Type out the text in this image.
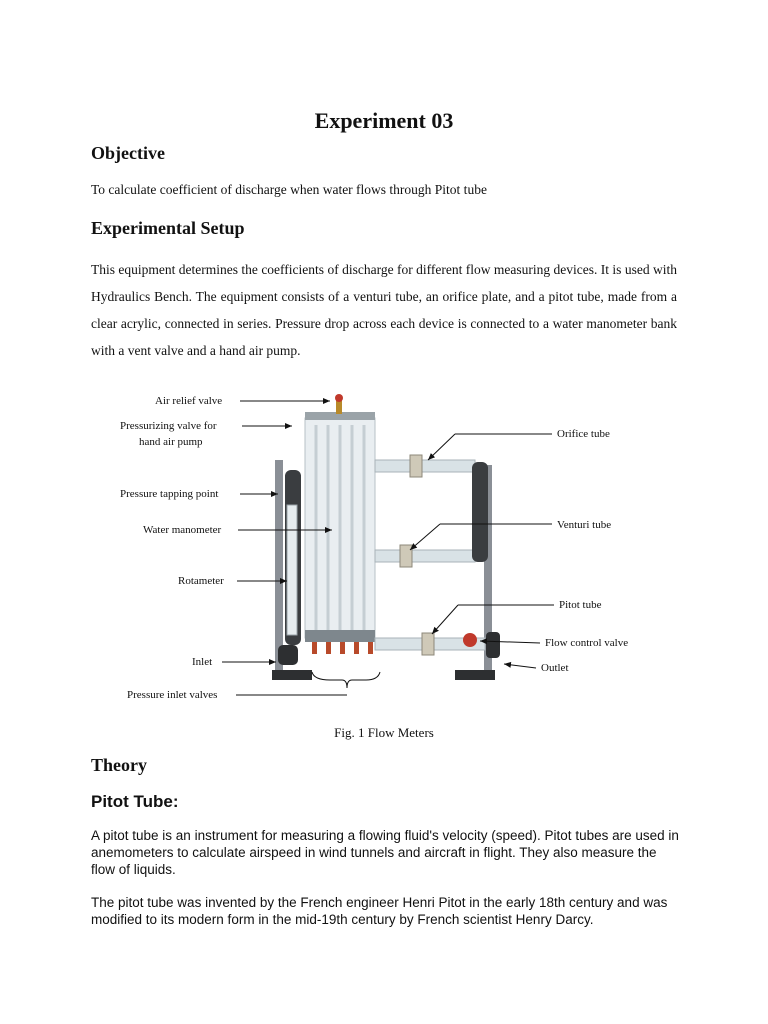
Experiment 03
Objective

To calculate coefficient of discharge when water flows through Pitot tube

Experimental Setup

This equipment determines the coefficients of discharge for different flow measuring devices. It is used with Hydraulics Bench. The equipment consists of a venturi tube, an orifice plate, and a pitot tube, made from a clear acrylic, connected in series. Pressure drop across each device is connected to a water manometer bank with a vent valve and a hand air pump.

Air relief valve
Pressurizing valve for
hand air pump
Pressure tapping point
Water manometer
Rotameter
Inlet
Pressure inlet valves
Orifice tube
Venturi tube
Pitot tube
Flow control valve
Outlet

Fig. 1 Flow Meters

Theory
Pitot Tube:

A pitot tube is an instrument for measuring a flowing fluid's velocity (speed). Pitot tubes are used in anemometers to calculate airspeed in wind tunnels and aircraft in flight. They also measure the flow of liquids.

The pitot tube was invented by the French engineer Henri Pitot in the early 18th century and was modified to its modern form in the mid-19th century by French scientist Henry Darcy.
